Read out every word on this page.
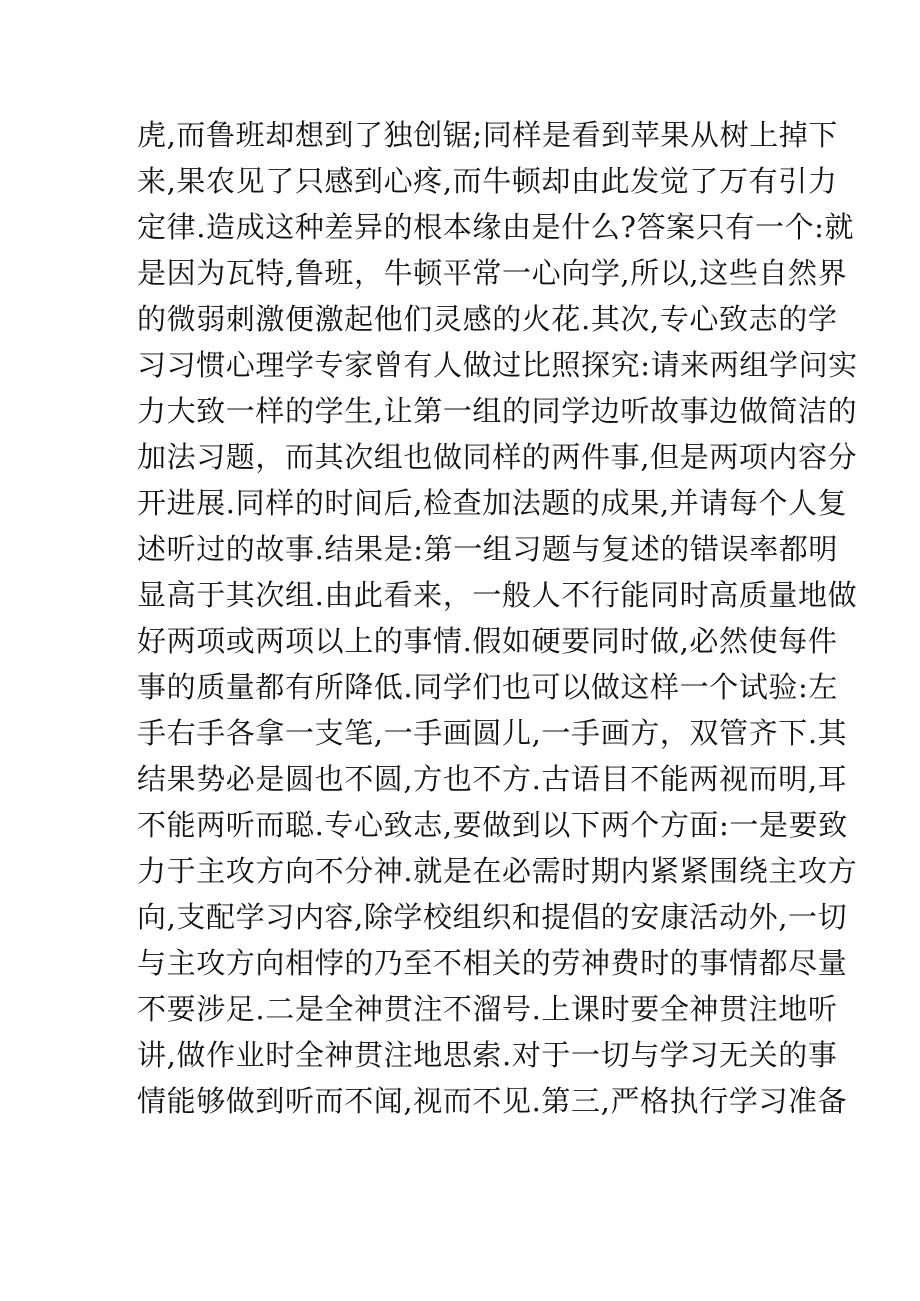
虎,而鲁班却想到了独创锯;同样是看到苹果从树上掉下
来,果农见了只感到心疼,而牛顿却由此发觉了万有引力
定律.造成这种差异的根本缘由是什么?答案只有一个:就
是因为瓦特,鲁班，牛顿平常一心向学,所以,这些自然界
的微弱刺激便激起他们灵感的火花.其次,专心致志的学
习习惯心理学专家曾有人做过比照探究:请来两组学问实
力大致一样的学生,让第一组的同学边听故事边做简洁的
加法习题，而其次组也做同样的两件事,但是两项内容分
开进展.同样的时间后,检查加法题的成果,并请每个人复
述听过的故事.结果是:第一组习题与复述的错误率都明
显高于其次组.由此看来，一般人不行能同时高质量地做
好两项或两项以上的事情.假如硬要同时做,必然使每件
事的质量都有所降低.同学们也可以做这样一个试验:左
手右手各拿一支笔,一手画圆儿,一手画方，双管齐下.其
结果势必是圆也不圆,方也不方.古语目不能两视而明,耳
不能两听而聪.专心致志,要做到以下两个方面:一是要致
力于主攻方向不分神.就是在必需时期内紧紧围绕主攻方
向,支配学习内容,除学校组织和提倡的安康活动外,一切
与主攻方向相悖的乃至不相关的劳神费时的事情都尽量
不要涉足.二是全神贯注不溜号.上课时要全神贯注地听
讲,做作业时全神贯注地思索.对于一切与学习无关的事
情能够做到听而不闻,视而不见.第三,严格执行学习准备
